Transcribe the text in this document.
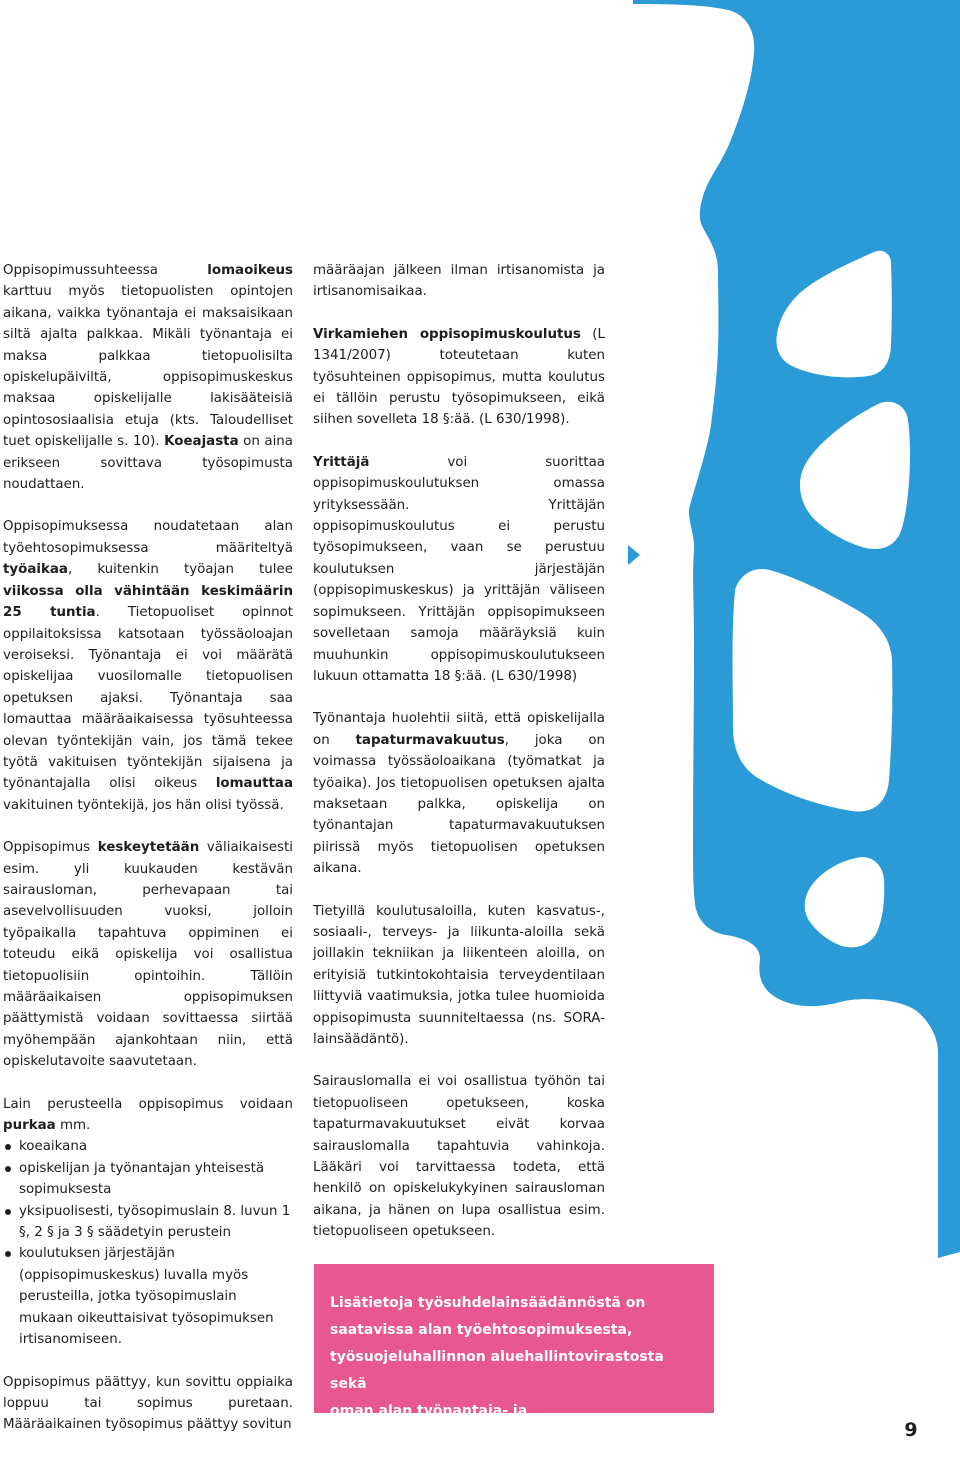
Oppisopimussuhteessa lomaoikeus karttuu myös tietopuolisten opintojen aikana, vaikka työnantaja ei maksaisikaan siltä ajalta palkkaa. Mikäli työnantaja ei maksa palkkaa tietopuolisilta opiskelupäiviltä, oppisopimuskeskus maksaa opiskelijalle lakisääteisiä opintososiaalisia etuja (kts. Taloudelliset tuet opiskelijalle s. 10). Koeajasta on aina erikseen sovittava työsopimusta noudattaen.

Oppisopimuksessa noudatetaan alan työehtosopimuksessa määriteltyä työaikaa, kuitenkin työajan tulee viikossa olla vähintään keskimäärin 25 tuntia. Tietopuoliset opinnot oppilaitoksissa katsotaan työssäoloajan veroiseksi. Työnantaja ei voi määrätä opiskelijaa vuosilomalle tietopuolisen opetuksen ajaksi. Työnantaja saa lomauttaa määräaikaisessa työsuhteessa olevan työntekijän vain, jos tämä tekee työtä vakituisen työntekijän sijaisena ja työnantajalla olisi oikeus lomauttaa vakituinen työntekijä, jos hän olisi työssä.

Oppisopimus keskeytetään väliaikaisesti esim. yli kuukauden kestävän sairausloman, perhevapaan tai asevelvollisuuden vuoksi, jolloin työpaikalla tapahtuva oppiminen ei toteudu eikä opiskelija voi osallistua tietopuolisiin opintoihin. Tällöin määräaikaisen oppisopimuksen päättymistä voidaan sovittaessa siirtää myöhempään ajankohtaan niin, että opiskelutavoite saavutetaan.

Lain perusteella oppisopimus voidaan purkaa mm.

koeaikana
opiskelijan ja työnantajan yhteisestä sopimuksesta
yksipuolisesti, työsopimuslain 8. luvun 1 §, 2 § ja 3 § säädetyin perustein
koulutuksen järjestäjän (oppisopimuskeskus) luvalla myös perusteilla, jotka työsopimuslain mukaan oikeuttaisivat työsopimuksen irtisanomiseen.

Oppisopimus päättyy, kun sovittu oppiaika loppuu tai sopimus puretaan. Määräaikainen työsopimus päättyy sovitun

määräajan jälkeen ilman irtisanomista ja irtisanomisaikaa.

Virkamiehen oppisopimuskoulutus (L 1341/2007) toteutetaan kuten työsuhteinen oppisopimus, mutta koulutus ei tällöin perustu työsopimukseen, eikä siihen sovelleta 18 §:ää. (L 630/1998).

Yrittäjä voi suorittaa oppisopimuskoulutuksen omassa yrityksessään. Yrittäjän oppisopimuskoulutus ei perustu työsopimukseen, vaan se perustuu koulutuksen järjestäjän (oppisopimuskeskus) ja yrittäjän väliseen sopimukseen. Yrittäjän oppisopimukseen sovelletaan samoja määräyksiä kuin muuhunkin oppisopimuskoulutukseen lukuun ottamatta 18 §:ää. (L 630/1998)

Työnantaja huolehtii siitä, että opiskelijalla on tapaturmavakuutus, joka on voimassa työssäoloaikana (työmatkat ja työaika). Jos tietopuolisen opetuksen ajalta maksetaan palkka, opiskelija on työnantajan tapaturmavakuutuksen piirissä myös tietopuolisen opetuksen aikana.

Tietyillä koulutusaloilla, kuten kasvatus-, sosiaali-, terveys- ja liikunta-aloilla sekä joillakin tekniikan ja liikenteen aloilla, on erityisiä tutkintokohtaisia terveydentilaan liittyviä vaatimuksia, jotka tulee huomioida oppisopimusta suunniteltaessa (ns. SORA-lainsäädäntö).

Sairauslomalla ei voi osallistua työhön tai tietopuoliseen opetukseen, koska tapaturmavakuutukset eivät korvaa sairauslomalla tapahtuvia vahinkoja. Lääkäri voi tarvittaessa todeta, että henkilö on opiskelukykyinen sairausloman aikana, ja hänen on lupa osallistua esim. tietopuoliseen opetukseen.

Lisätietoja työsuhdelainsäädännöstä on

saatavissa alan työehtosopimuksesta,

työsuojeluhallinnon aluehallintovirastosta sekä

oman alan työnantaja- ja työntekijäjärjestöistä.	9
